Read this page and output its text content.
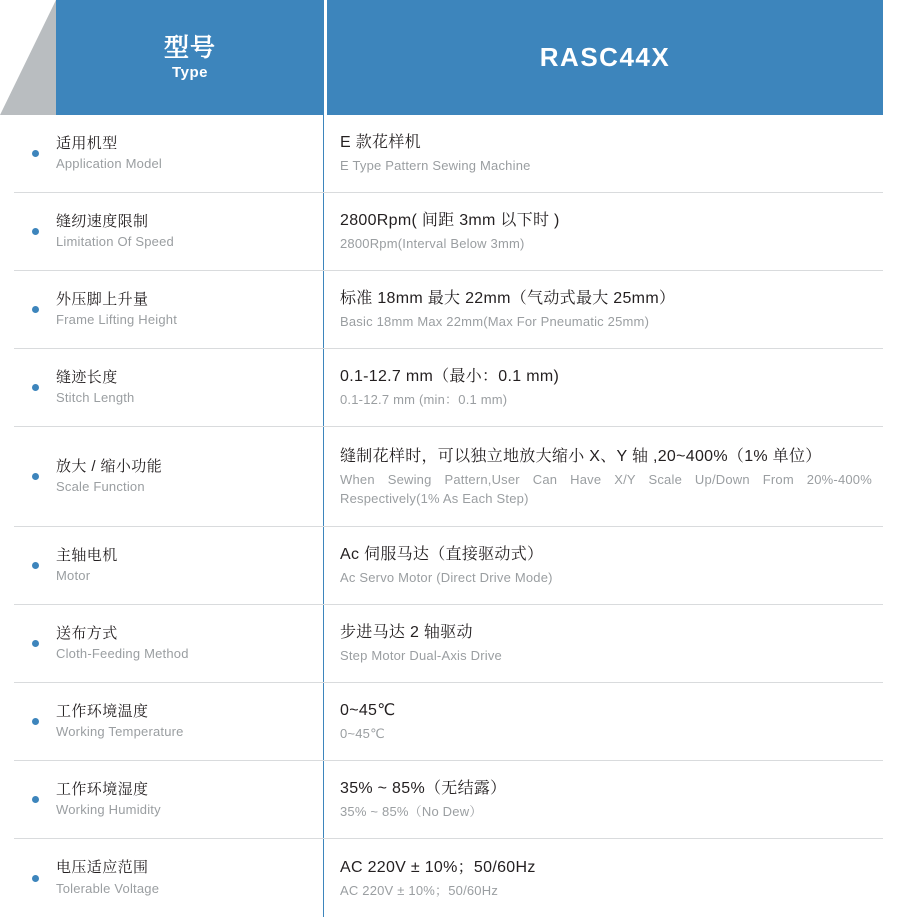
型号
Type
RASC44X
适用机型
Application Model
E 款花样机
E Type Pattern Sewing Machine
缝纫速度限制
Limitation Of Speed
2800Rpm( 间距 3mm 以下时 )
2800Rpm(Interval Below 3mm)
外压脚上升量
Frame Lifting Height
标准 18mm 最大 22mm（气动式最大 25mm）
Basic 18mm Max 22mm(Max For Pneumatic 25mm)
缝迹长度
Stitch Length
0.1-12.7 mm（最小：0.1 mm)
0.1-12.7 mm (min：0.1 mm)
放大 / 缩小功能
Scale Function
缝制花样时，可以独立地放大缩小 X、Y 轴 ,20~400%（1% 单位）
When Sewing Pattern,User Can Have X/Y Scale Up/Down From 20%-400% Respectively(1% As Each Step)
主轴电机
Motor
Ac 伺服马达（直接驱动式）
Ac Servo Motor (Direct Drive Mode)
送布方式
Cloth-Feeding Method
步进马达 2 轴驱动
Step Motor Dual-Axis Drive
工作环境温度
Working Temperature
0~45℃
0~45℃
工作环境湿度
Working Humidity
35% ~ 85%（无结露）
35% ~ 85%（No Dew）
电压适应范围
Tolerable Voltage
AC 220V ± 10%；50/60Hz
AC 220V ± 10%；50/60Hz
